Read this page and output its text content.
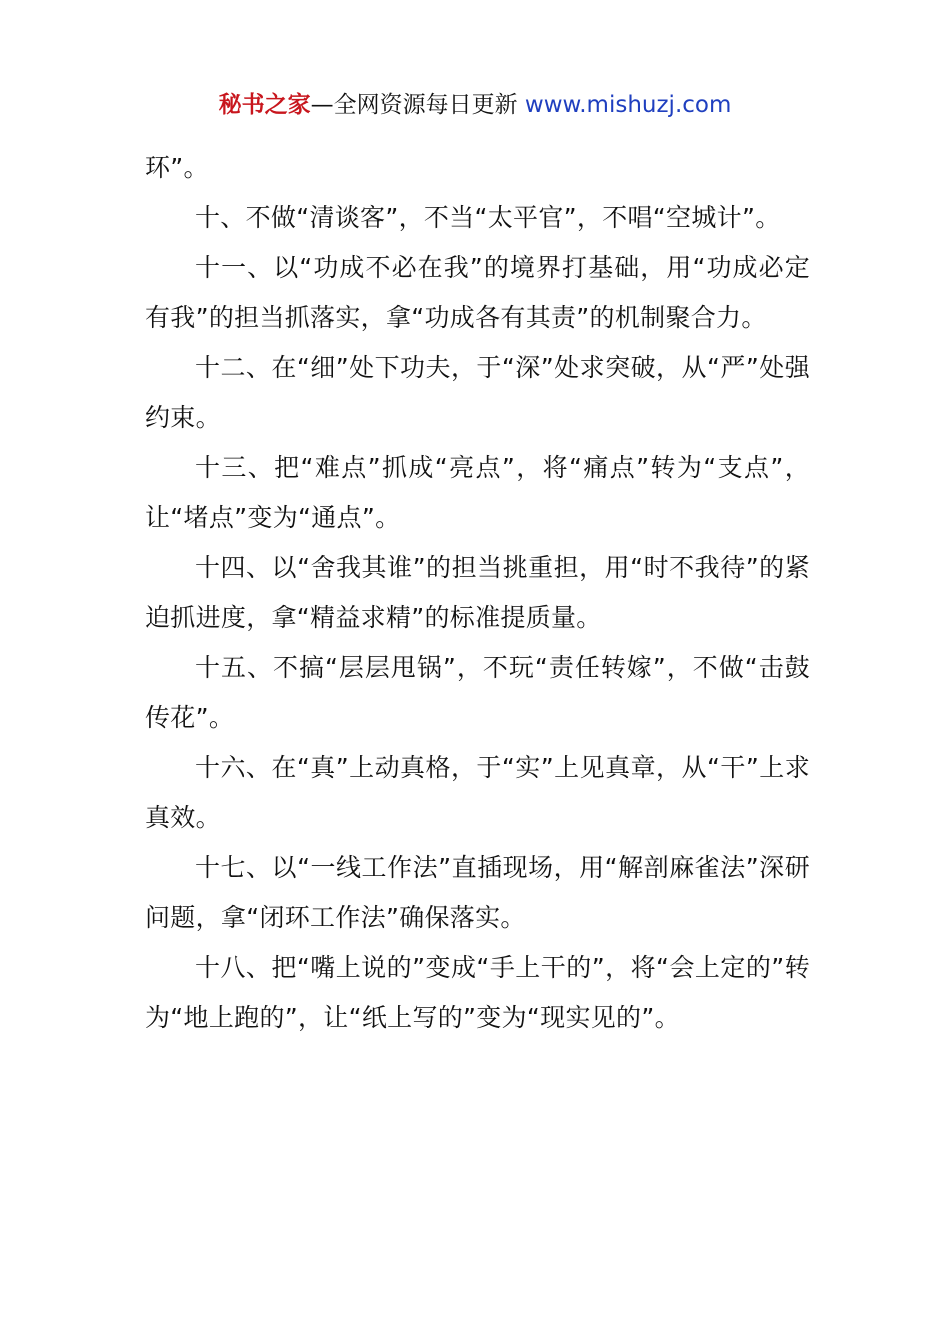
秘书之家—全网资源每日更新 www.mishuzj.com

环”。

十、不做“清谈客”，不当“太平官”，不唱“空城计”。

十一、以“功成不必在我”的境界打基础，用“功成必定有我”的担当抓落实，拿“功成各有其责”的机制聚合力。

十二、在“细”处下功夫，于“深”处求突破，从“严”处强约束。

十三、把“难点”抓成“亮点”，将“痛点”转为“支点”，让“堵点”变为“通点”。

十四、以“舍我其谁”的担当挑重担，用“时不我待”的紧迫抓进度，拿“精益求精”的标准提质量。

十五、不搞“层层甩锅”，不玩“责任转嫁”，不做“击鼓传花”。

十六、在“真”上动真格，于“实”上见真章，从“干”上求真效。

十七、以“一线工作法”直插现场，用“解剖麻雀法”深研问题，拿“闭环工作法”确保落实。

十八、把“嘴上说的”变成“手上干的”，将“会上定的”转为“地上跑的”，让“纸上写的”变为“现实见的”。
